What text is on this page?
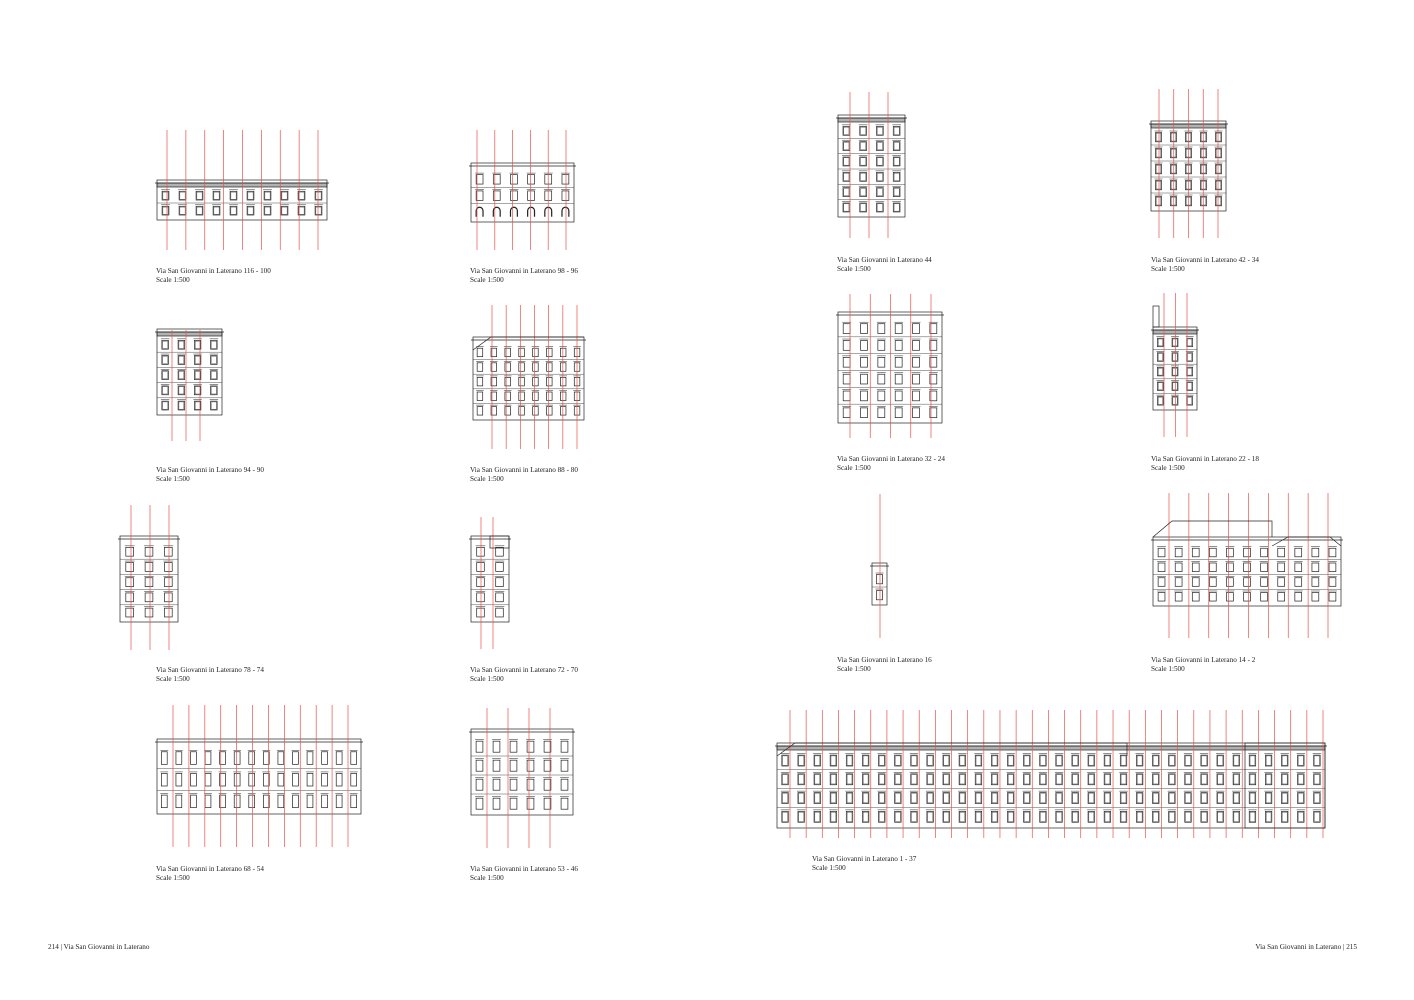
Via San Giovanni in Laterano 116 - 100
Scale 1:500
Via San Giovanni in Laterano 98 - 96
Scale 1:500
Via San Giovanni in Laterano 94 - 90
Scale 1:500
Via San Giovanni in Laterano 88 - 80
Scale 1:500
Via San Giovanni in Laterano 78 - 74
Scale 1:500
Via San Giovanni in Laterano 72 - 70
Scale 1:500
Via San Giovanni in Laterano 68 - 54
Scale 1:500
Via San Giovanni in Laterano 53 - 46
Scale 1:500
Via San Giovanni in Laterano 44
Scale 1:500
Via San Giovanni in Laterano 42 - 34
Scale 1:500
Via San Giovanni in Laterano 32 - 24
Scale 1:500
Via San Giovanni in Laterano 22 - 18
Scale 1:500
Via San Giovanni in Laterano 16
Scale 1:500
Via San Giovanni in Laterano 14 - 2
Scale 1:500
Via San Giovanni in Laterano 1 - 37
Scale 1:500
214 | Via San Giovanni in Laterano	Via San Giovanni in Laterano | 215
